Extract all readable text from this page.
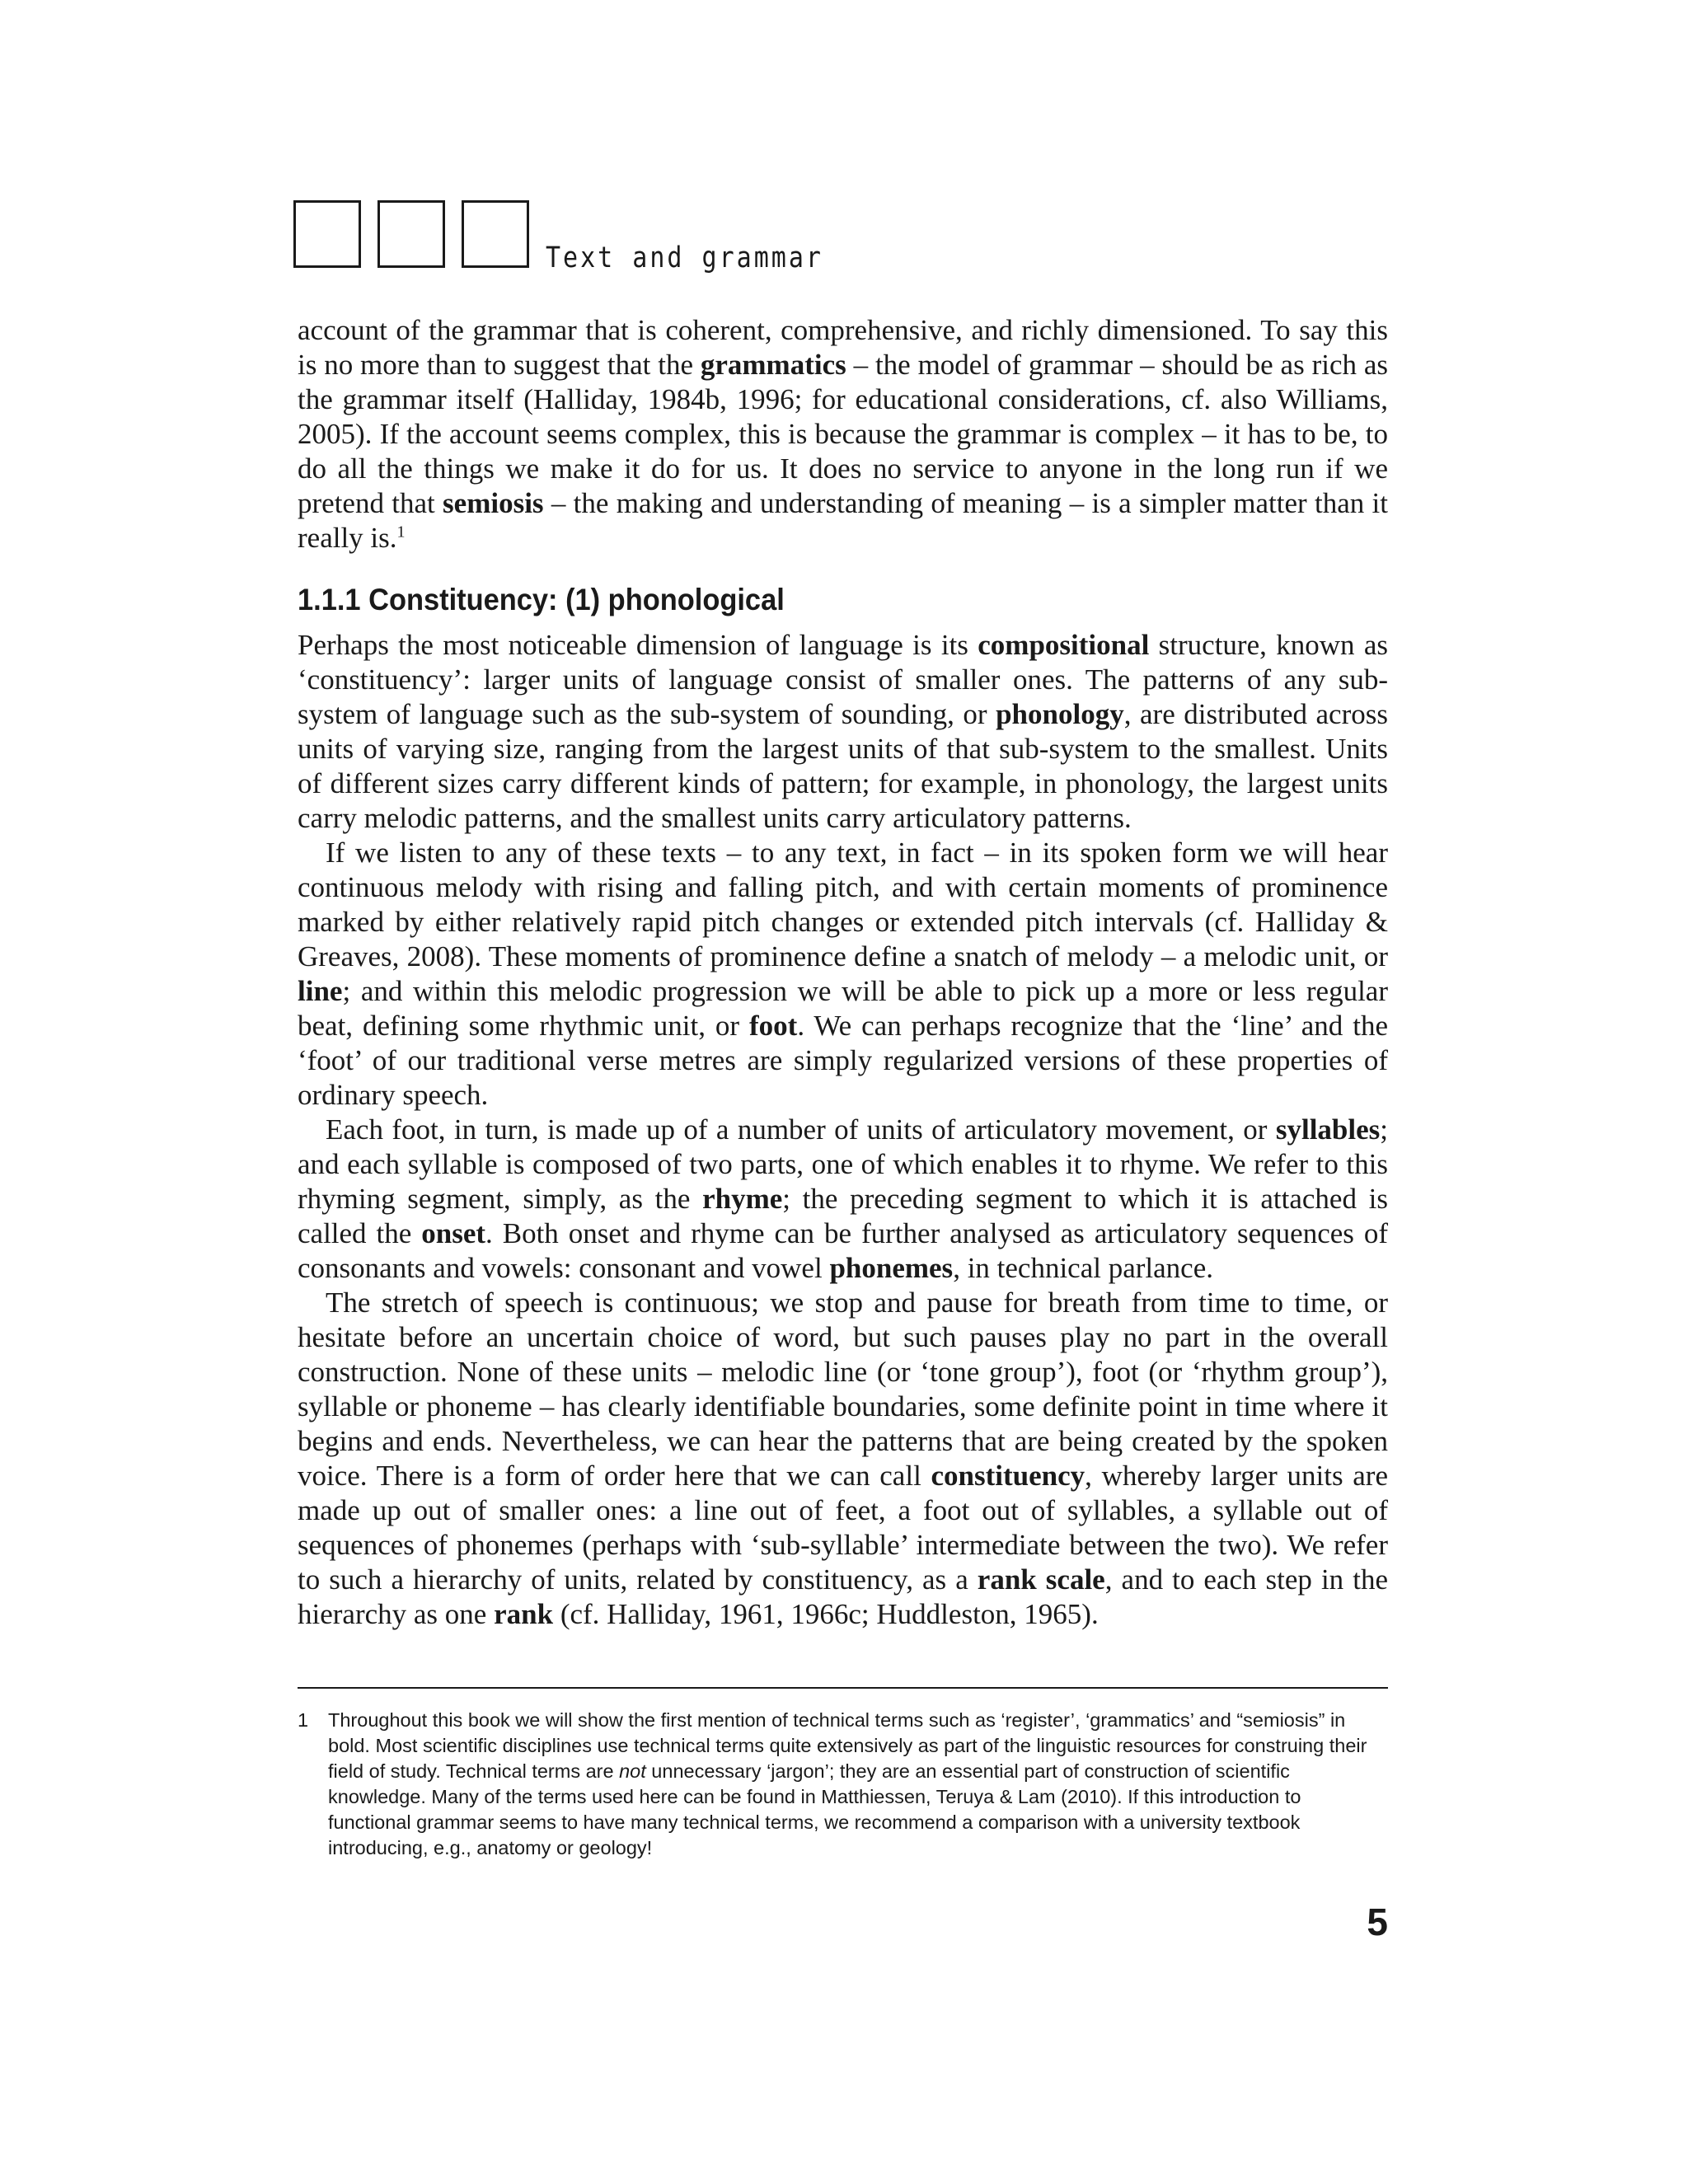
Text and grammar

account of the grammar that is coherent, comprehensive, and richly dimensioned. To say this is no more than to suggest that the grammatics – the model of grammar – should be as rich as the grammar itself (Halliday, 1984b, 1996; for educational considerations, cf. also Williams, 2005). If the account seems complex, this is because the grammar is complex – it has to be, to do all the things we make it do for us. It does no service to anyone in the long run if we pretend that semiosis – the making and understanding of meaning – is a simpler matter than it really is.$^1$

1.1.1 Constituency: (1) phonological

Perhaps the most noticeable dimension of language is its compositional structure, known as ‘constituency’: larger units of language consist of smaller ones. The patterns of any sub-system of language such as the sub-system of sounding, or phonology, are distributed across units of varying size, ranging from the largest units of that sub-system to the smallest. Units of different sizes carry different kinds of pattern; for example, in phonology, the largest units carry melodic patterns, and the smallest units carry articulatory patterns.

If we listen to any of these texts – to any text, in fact – in its spoken form we will hear continuous melody with rising and falling pitch, and with certain moments of prominence marked by either relatively rapid pitch changes or extended pitch intervals (cf. Halliday & Greaves, 2008). These moments of prominence define a snatch of melody – a melodic unit, or line; and within this melodic progression we will be able to pick up a more or less regular beat, defining some rhythmic unit, or foot. We can perhaps recognize that the ‘line’ and the ‘foot’ of our traditional verse metres are simply regularized versions of these properties of ordinary speech.

Each foot, in turn, is made up of a number of units of articulatory movement, or syllables; and each syllable is composed of two parts, one of which enables it to rhyme. We refer to this rhyming segment, simply, as the rhyme; the preceding segment to which it is attached is called the onset. Both onset and rhyme can be further analysed as articulatory sequences of consonants and vowels: consonant and vowel phonemes, in technical parlance.

The stretch of speech is continuous; we stop and pause for breath from time to time, or hesitate before an uncertain choice of word, but such pauses play no part in the overall construction. None of these units – melodic line (or ‘tone group’), foot (or ‘rhythm group’), syllable or phoneme – has clearly identifiable boundaries, some definite point in time where it begins and ends. Nevertheless, we can hear the patterns that are being created by the spoken voice. There is a form of order here that we can call constituency, whereby larger units are made up out of smaller ones: a line out of feet, a foot out of syllables, a syllable out of sequences of phonemes (perhaps with ‘sub-syllable’ intermediate between the two). We refer to such a hierarchy of units, related by constituency, as a rank scale, and to each step in the hierarchy as one rank (cf. Halliday, 1961, 1966c; Huddleston, 1965).

1 Throughout this book we will show the first mention of technical terms such as ‘register’, ‘grammatics’ and “semiosis” in bold. Most scientific disciplines use technical terms quite extensively as part of the linguistic resources for construing their field of study. Technical terms are not unnecessary ‘jargon’; they are an essential part of construction of scientific knowledge. Many of the terms used here can be found in Matthiessen, Teruya & Lam (2010). If this introduction to functional grammar seems to have many technical terms, we recommend a comparison with a university textbook introducing, e.g., anatomy or geology!
5
